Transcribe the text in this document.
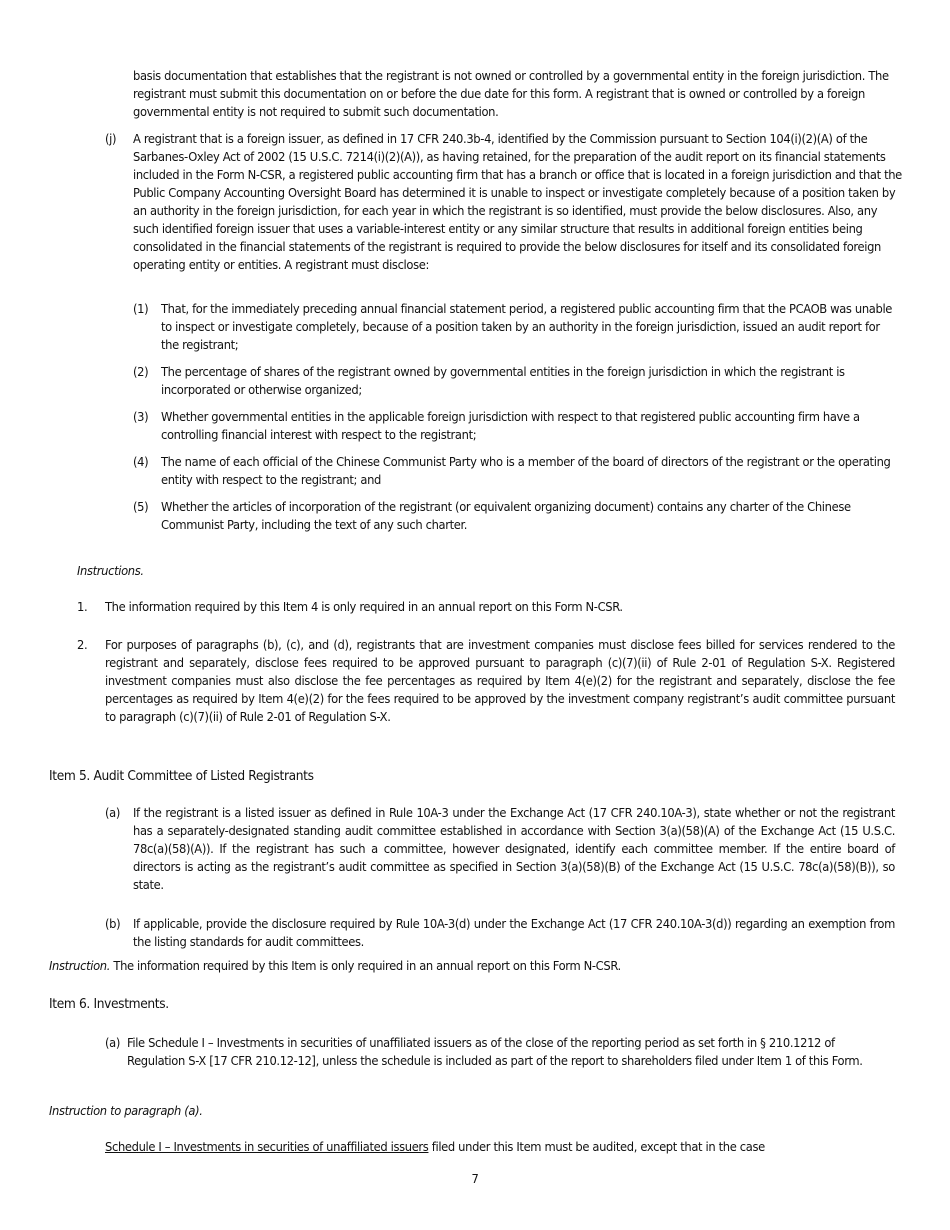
basis documentation that establishes that the registrant is not owned or controlled by a governmental entity in the foreign jurisdiction. The registrant must submit this documentation on or before the due date for this form. A registrant that is owned or controlled by a foreign governmental entity is not required to submit such documentation.

(j)	A registrant that is a foreign issuer, as defined in 17 CFR 240.3b-4, identified by the Commission pursuant to Section 104(i)(2)(A) of the Sarbanes-Oxley Act of 2002 (15 U.S.C. 7214(i)(2)(A)), as having retained, for the preparation of the audit report on its financial statements included in the Form N-CSR, a registered public accounting firm that has a branch or office that is located in a foreign jurisdiction and that the Public Company Accounting Oversight Board has determined it is unable to inspect or investigate completely because of a position taken by an authority in the foreign jurisdiction, for each year in which the registrant is so identified, must provide the below disclosures. Also, any such identified foreign issuer that uses a variable-interest entity or any similar structure that results in additional foreign entities being consolidated in the financial statements of the registrant is required to provide the below disclosures for itself and its consolidated foreign operating entity or entities. A registrant must disclose:

(1) That, for the immediately preceding annual financial statement period, a registered public accounting firm that the PCAOB was unable to inspect or investigate completely, because of a position taken by an authority in the foreign jurisdiction, issued an audit report for the registrant;

(2) The percentage of shares of the registrant owned by governmental entities in the foreign jurisdiction in which the registrant is incorporated or otherwise organized;

(3) Whether governmental entities in the applicable foreign jurisdiction with respect to that registered public accounting firm have a controlling financial interest with respect to the registrant;

(4) The name of each official of the Chinese Communist Party who is a member of the board of directors of the registrant or the operating entity with respect to the registrant; and

(5) Whether the articles of incorporation of the registrant (or equivalent organizing document) contains any charter of the Chinese Communist Party, including the text of any such charter.

Instructions.

1.	The information required by this Item 4 is only required in an annual report on this Form N-CSR.

2.	For purposes of paragraphs (b), (c), and (d), registrants that are investment companies must disclose fees billed for services rendered to the registrant and separately, disclose fees required to be approved pursuant to paragraph (c)(7)(ii) of Rule 2-01 of Regulation S-X. Registered investment companies must also disclose the fee percentages as required by Item 4(e)(2) for the registrant and separately, disclose the fee percentages as required by Item 4(e)(2) for the fees required to be approved by the investment company registrant’s audit committee pursuant to paragraph (c)(7)(ii) of Rule 2-01 of Regulation S-X.

Item 5. Audit Committee of Listed Registrants

(a)	If the registrant is a listed issuer as defined in Rule 10A-3 under the Exchange Act (17 CFR 240.10A-3), state whether or not the registrant has a separately-designated standing audit committee established in accordance with Section 3(a)(58)(A) of the Exchange Act (15 U.S.C. 78c(a)(58)(A)). If the registrant has such a committee, however designated, identify each committee member. If the entire board of directors is acting as the registrant’s audit committee as specified in Section 3(a)(58)(B) of the Exchange Act (15 U.S.C. 78c(a)(58)(B)), so state.

(b) If applicable, provide the disclosure required by Rule 10A-3(d) under the Exchange Act (17 CFR 240.10A-3(d)) regarding an exemption from the listing standards for audit committees.

Instruction. The information required by this Item is only required in an annual report on this Form N-CSR.

Item 6. Investments.

(a) File Schedule I – Investments in securities of unaffiliated issuers as of the close of the reporting period as set forth in § 210.1212 of Regulation S-X [17 CFR 210.12-12], unless the schedule is included as part of the report to shareholders filed under Item 1 of this Form.

Instruction to paragraph (a).

Schedule I – Investments in securities of unaffiliated issuers filed under this Item must be audited, except that in the case

7
